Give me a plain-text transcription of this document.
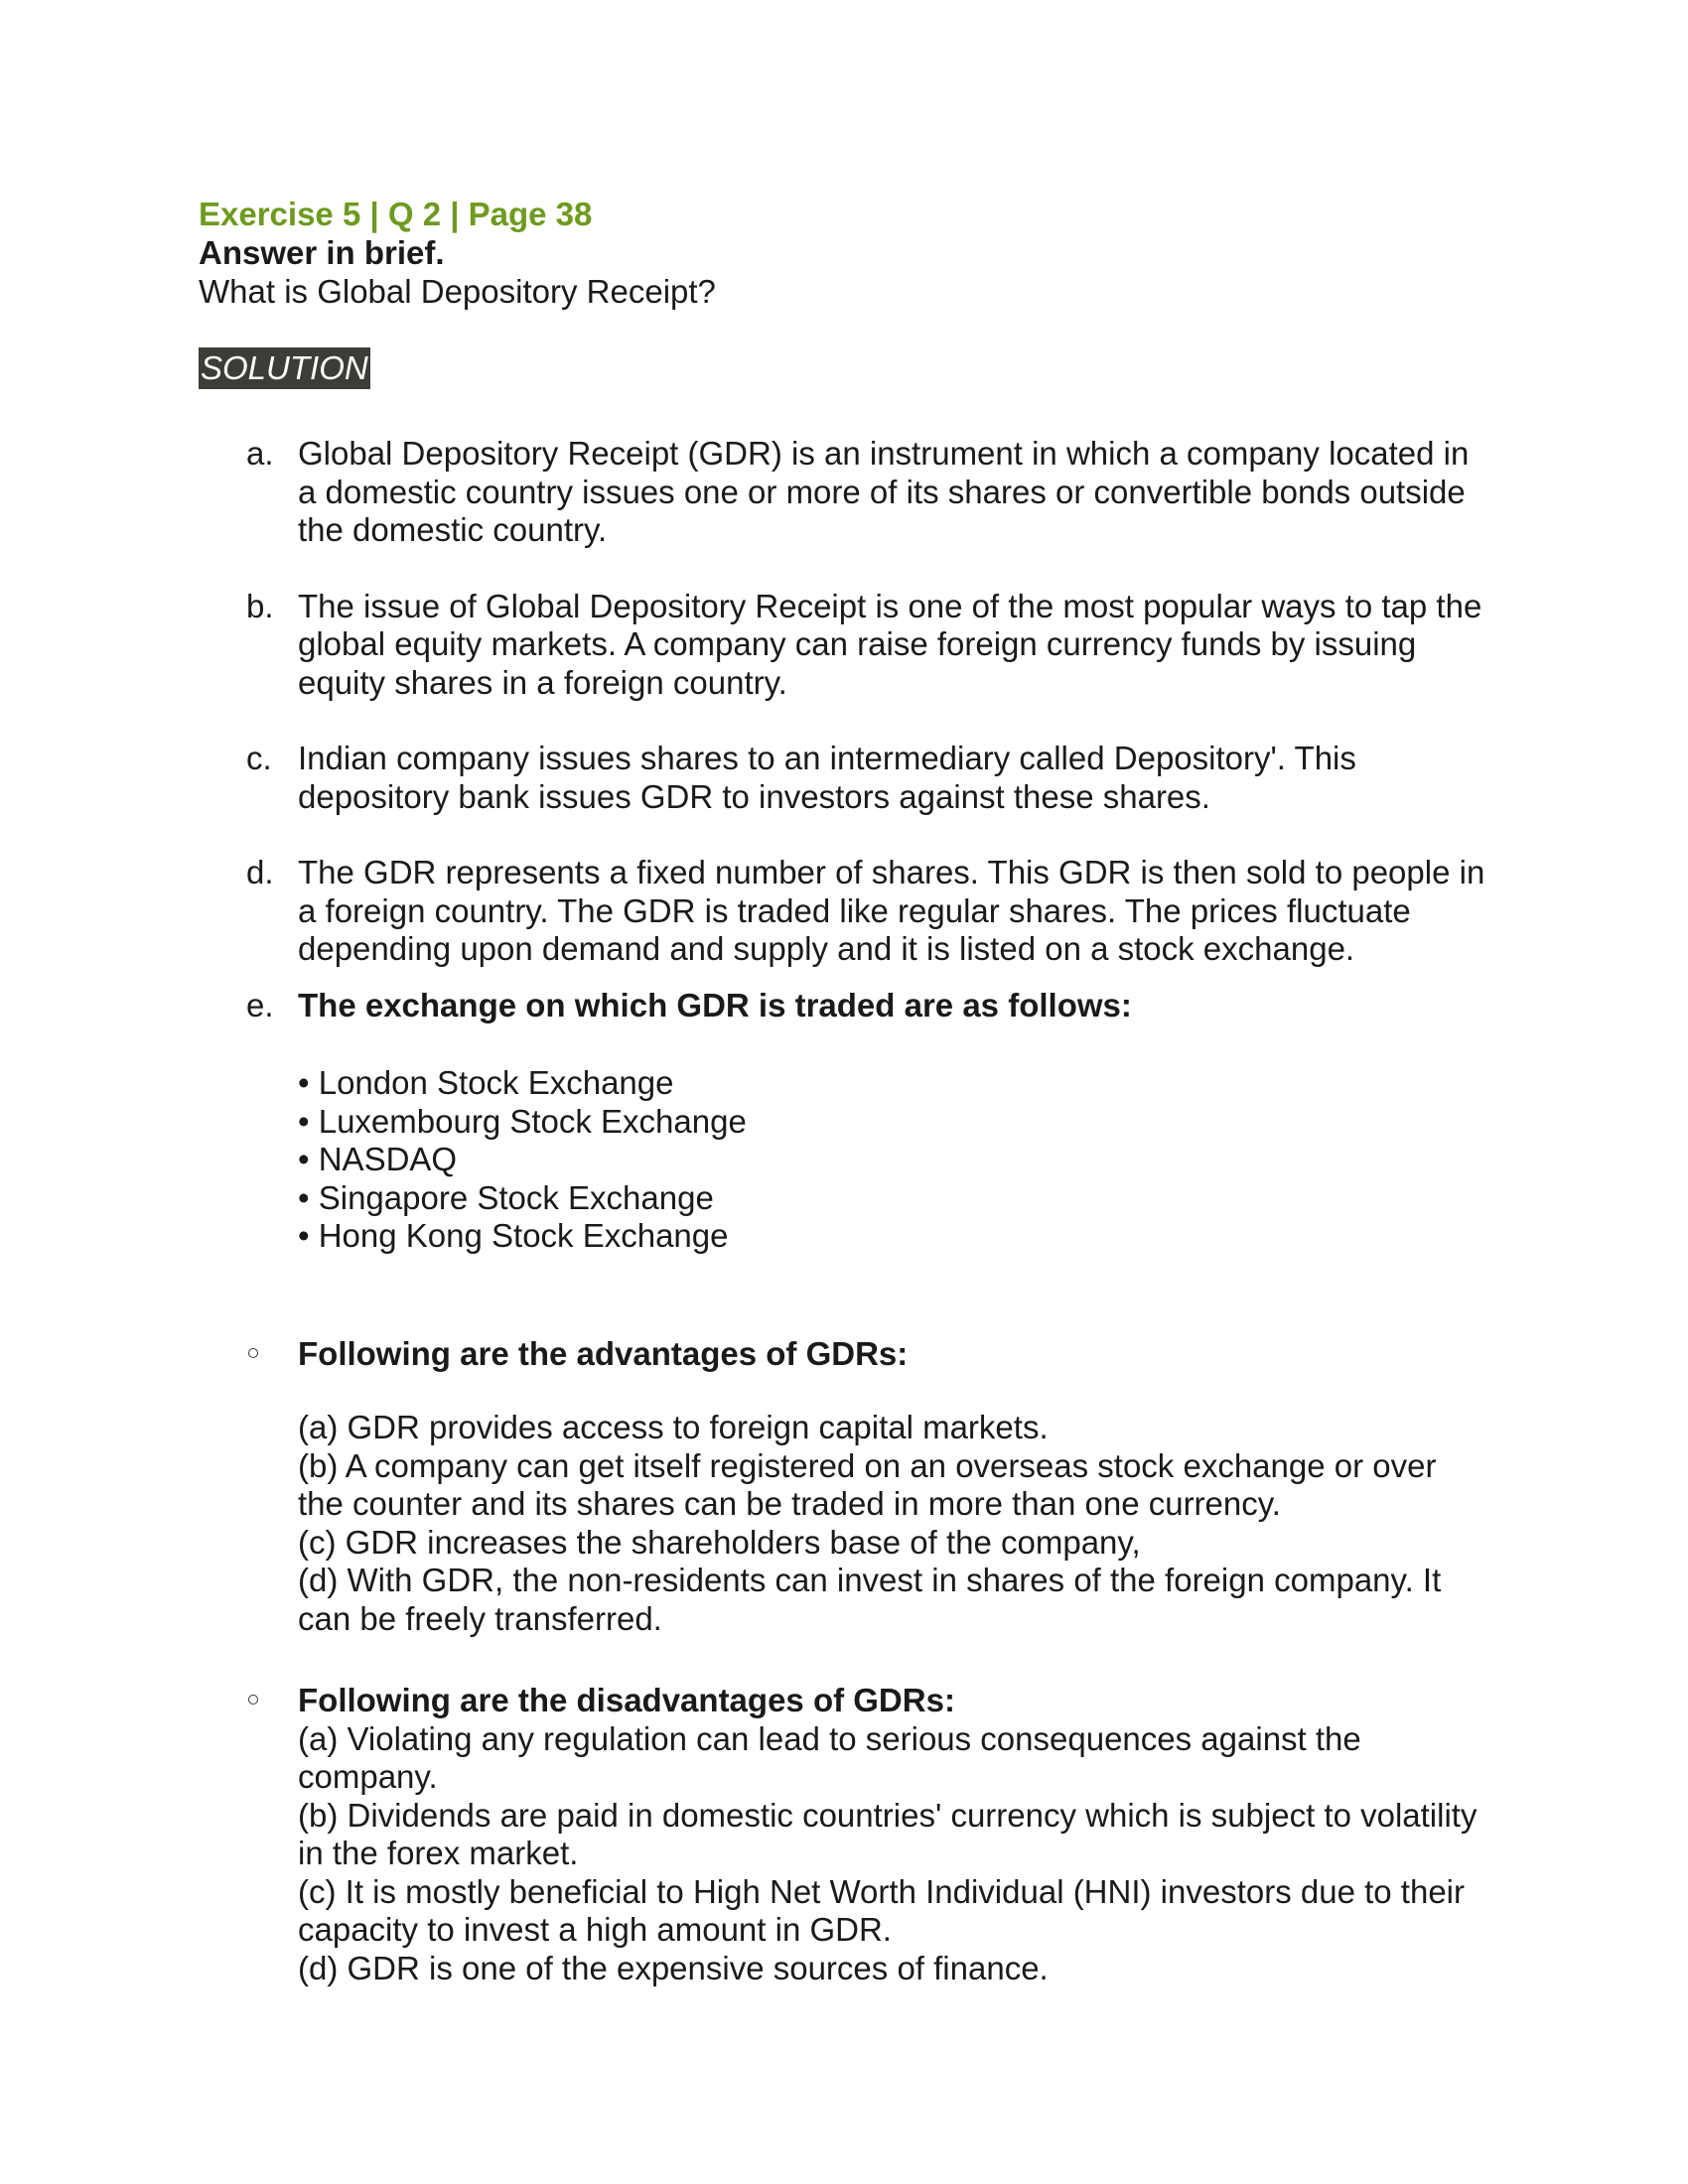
Exercise 5 | Q 2 | Page 38

Answer in brief.

What is Global Depository Receipt?

SOLUTION
a. Global Depository Receipt (GDR) is an instrument in which a company located in a domestic country issues one or more of its shares or convertible bonds outside the domestic country.
b. The issue of Global Depository Receipt is one of the most popular ways to tap the global equity markets. A company can raise foreign currency funds by issuing equity shares in a foreign country.
c. Indian company issues shares to an intermediary called Depository'. This depository bank issues GDR to investors against these shares.
d. The GDR represents a fixed number of shares. This GDR is then sold to people in a foreign country. The GDR is traded like regular shares. The prices fluctuate depending upon demand and supply and it is listed on a stock exchange.
e. The exchange on which GDR is traded are as follows:
• London Stock Exchange
• Luxembourg Stock Exchange
• NASDAQ
• Singapore Stock Exchange
• Hong Kong Stock Exchange

Following are the advantages of GDRs:

(a) GDR provides access to foreign capital markets.

(b) A company can get itself registered on an overseas stock exchange or over the counter and its shares can be traded in more than one currency.

(c) GDR increases the shareholders base of the company,

(d) With GDR, the non-residents can invest in shares of the foreign company. It can be freely transferred.

Following are the disadvantages of GDRs:

(a) Violating any regulation can lead to serious consequences against the company.

(b) Dividends are paid in domestic countries' currency which is subject to volatility in the forex market.

(c) It is mostly beneficial to High Net Worth Individual (HNI) investors due to their capacity to invest a high amount in GDR.

(d) GDR is one of the expensive sources of finance.
